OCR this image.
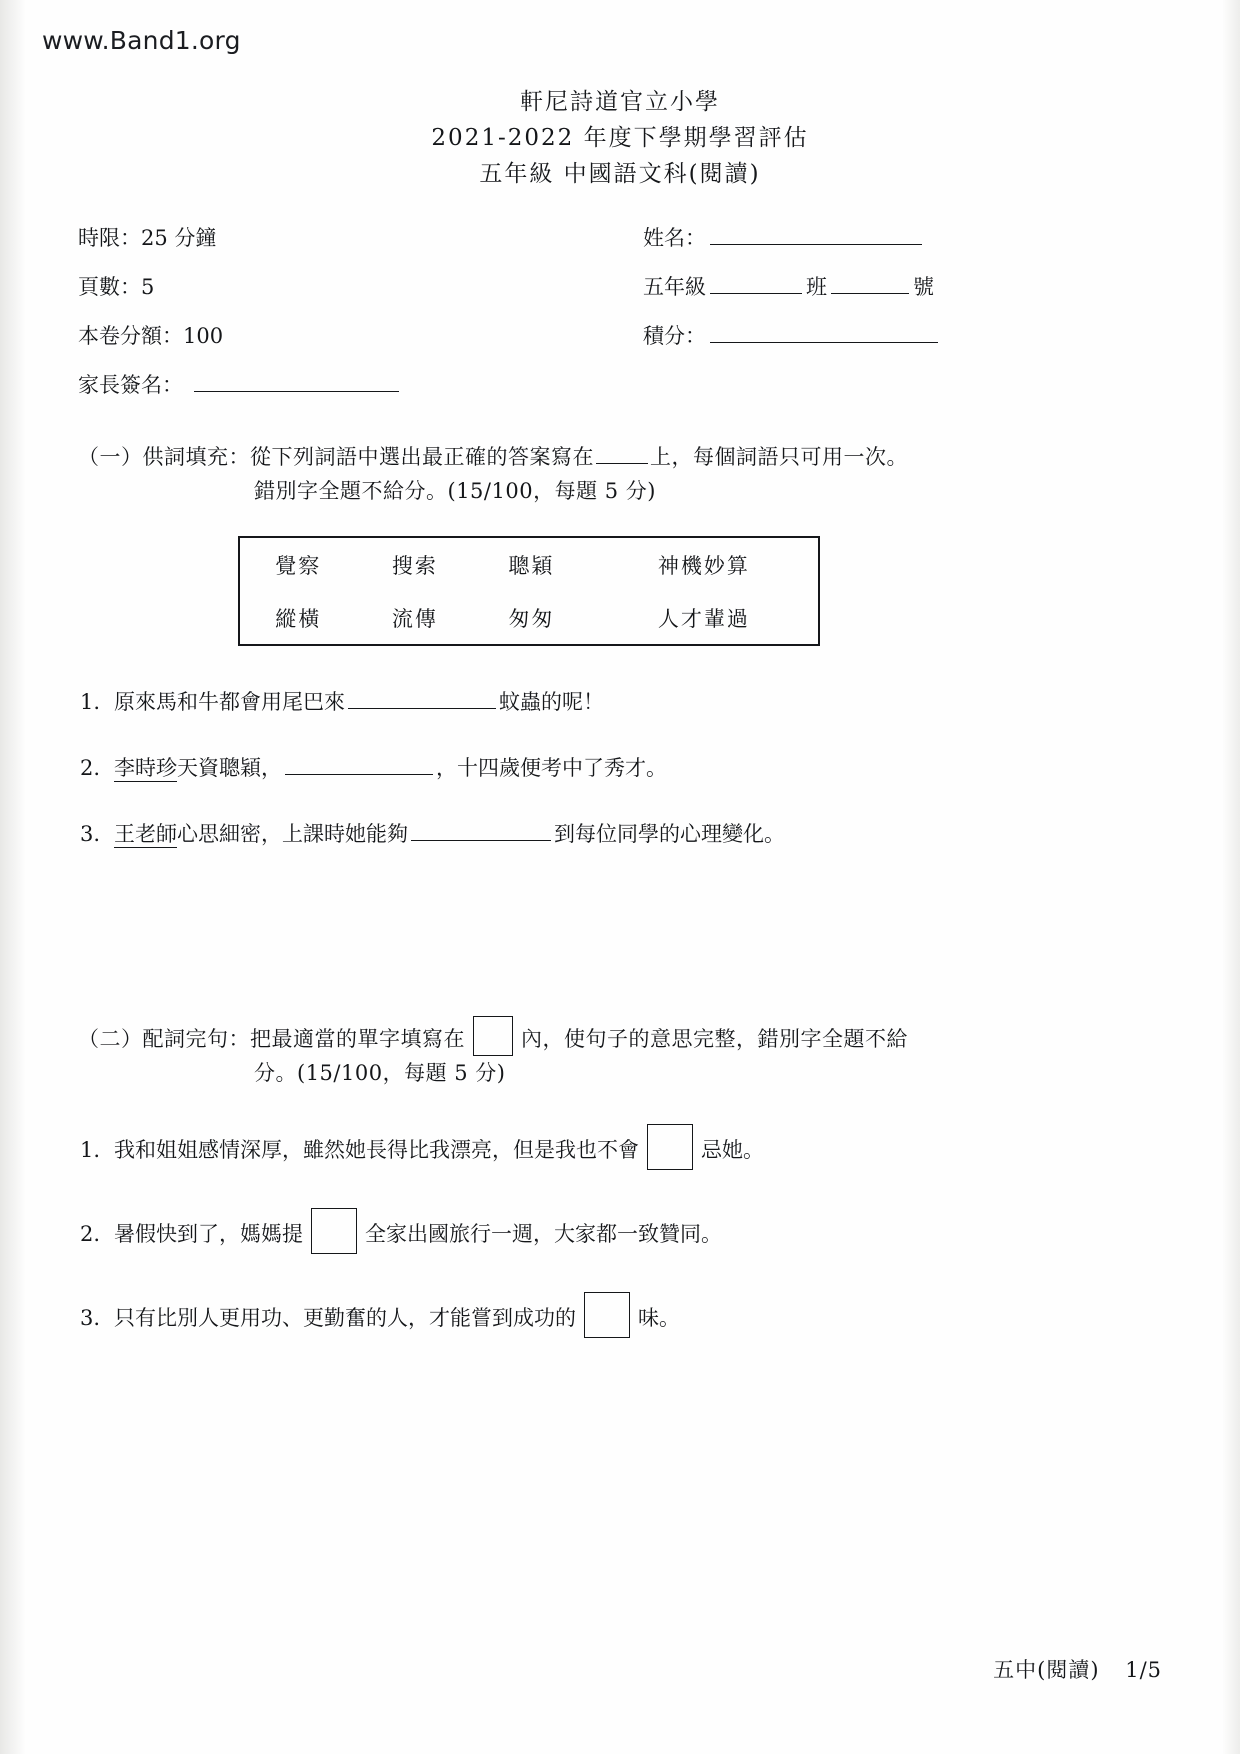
www.Band1.org
軒尼詩道官立小學
2021-2022 年度下學期學習評估
五年級 中國語文科(閱讀)
時限：25 分鐘	姓名：
頁數：5	五年級	班	號
本卷分額：100	積分：
家長簽名：
（一）供詞填充：從下列詞語中選出最正確的答案寫在	上，每個詞語只可用一次。
錯別字全題不給分。(15/100，每題 5 分)
覺察	搜索	聰穎	神機妙算
縱橫	流傳	匆匆	人才輩過
1. 原來馬和牛都會用尾巴來	蚊蟲的呢！
2. 李時珍天資聰穎，	，十四歲便考中了秀才。
3. 王老師心思細密，上課時她能夠	到每位同學的心理變化。
（二）配詞完句：把最適當的單字填寫在	內，使句子的意思完整，錯別字全題不給
分。(15/100，每題 5 分)
1. 我和姐姐感情深厚，雖然她長得比我漂亮，但是我也不會	忌她。
2. 暑假快到了，媽媽提	全家出國旅行一週，大家都一致贊同。
3. 只有比別人更用功、更勤奮的人，才能嘗到成功的	味。
五中(閱讀) 1/5
